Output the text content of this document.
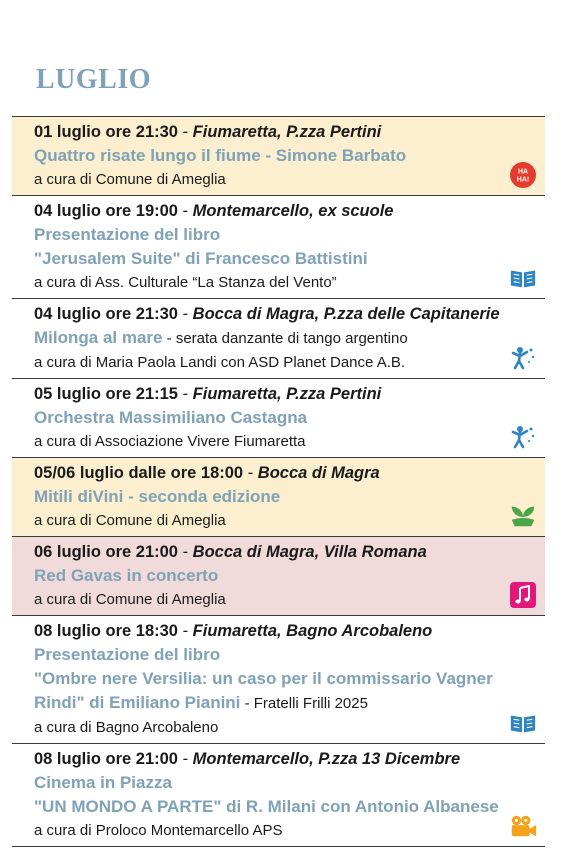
LUGLIO
01 luglio ore 21:30 - Fiumaretta, P.zza Pertini
Quattro risate lungo il fiume - Simone Barbato
a cura di Comune di Ameglia	HA
HA!
04 luglio ore 19:00 - Montemarcello, ex scuole
Presentazione del libro
"Jerusalem Suite" di Francesco Battistini
a cura di Ass. Culturale “La Stanza del Vento”
04 luglio ore 21:30 - Bocca di Magra, P.zza delle Capitanerie
Milonga al mare - serata danzante di tango argentino
a cura di Maria Paola Landi con ASD Planet Dance A.B.
05 luglio ore 21:15 - Fiumaretta, P.zza Pertini
Orchestra Massimiliano Castagna
a cura di Associazione Vivere Fiumaretta
05/06 luglio dalle ore 18:00 - Bocca di Magra
Mitili diVini - seconda edizione
a cura di Comune di Ameglia
06 luglio ore 21:00 - Bocca di Magra, Villa Romana
Red Gavas in concerto
a cura di Comune di Ameglia
08 luglio ore 18:30 - Fiumaretta, Bagno Arcobaleno
Presentazione del libro
"Ombre nere Versilia: un caso per il commissario Vagner
Rindi" di Emiliano Pianini - Fratelli Frilli 2025
a cura di Bagno Arcobaleno
08 luglio ore 21:00 - Montemarcello, P.zza 13 Dicembre
Cinema in Piazza
"UN MONDO A PARTE" di R. Milani con Antonio Albanese
a cura di Proloco Montemarcello APS
